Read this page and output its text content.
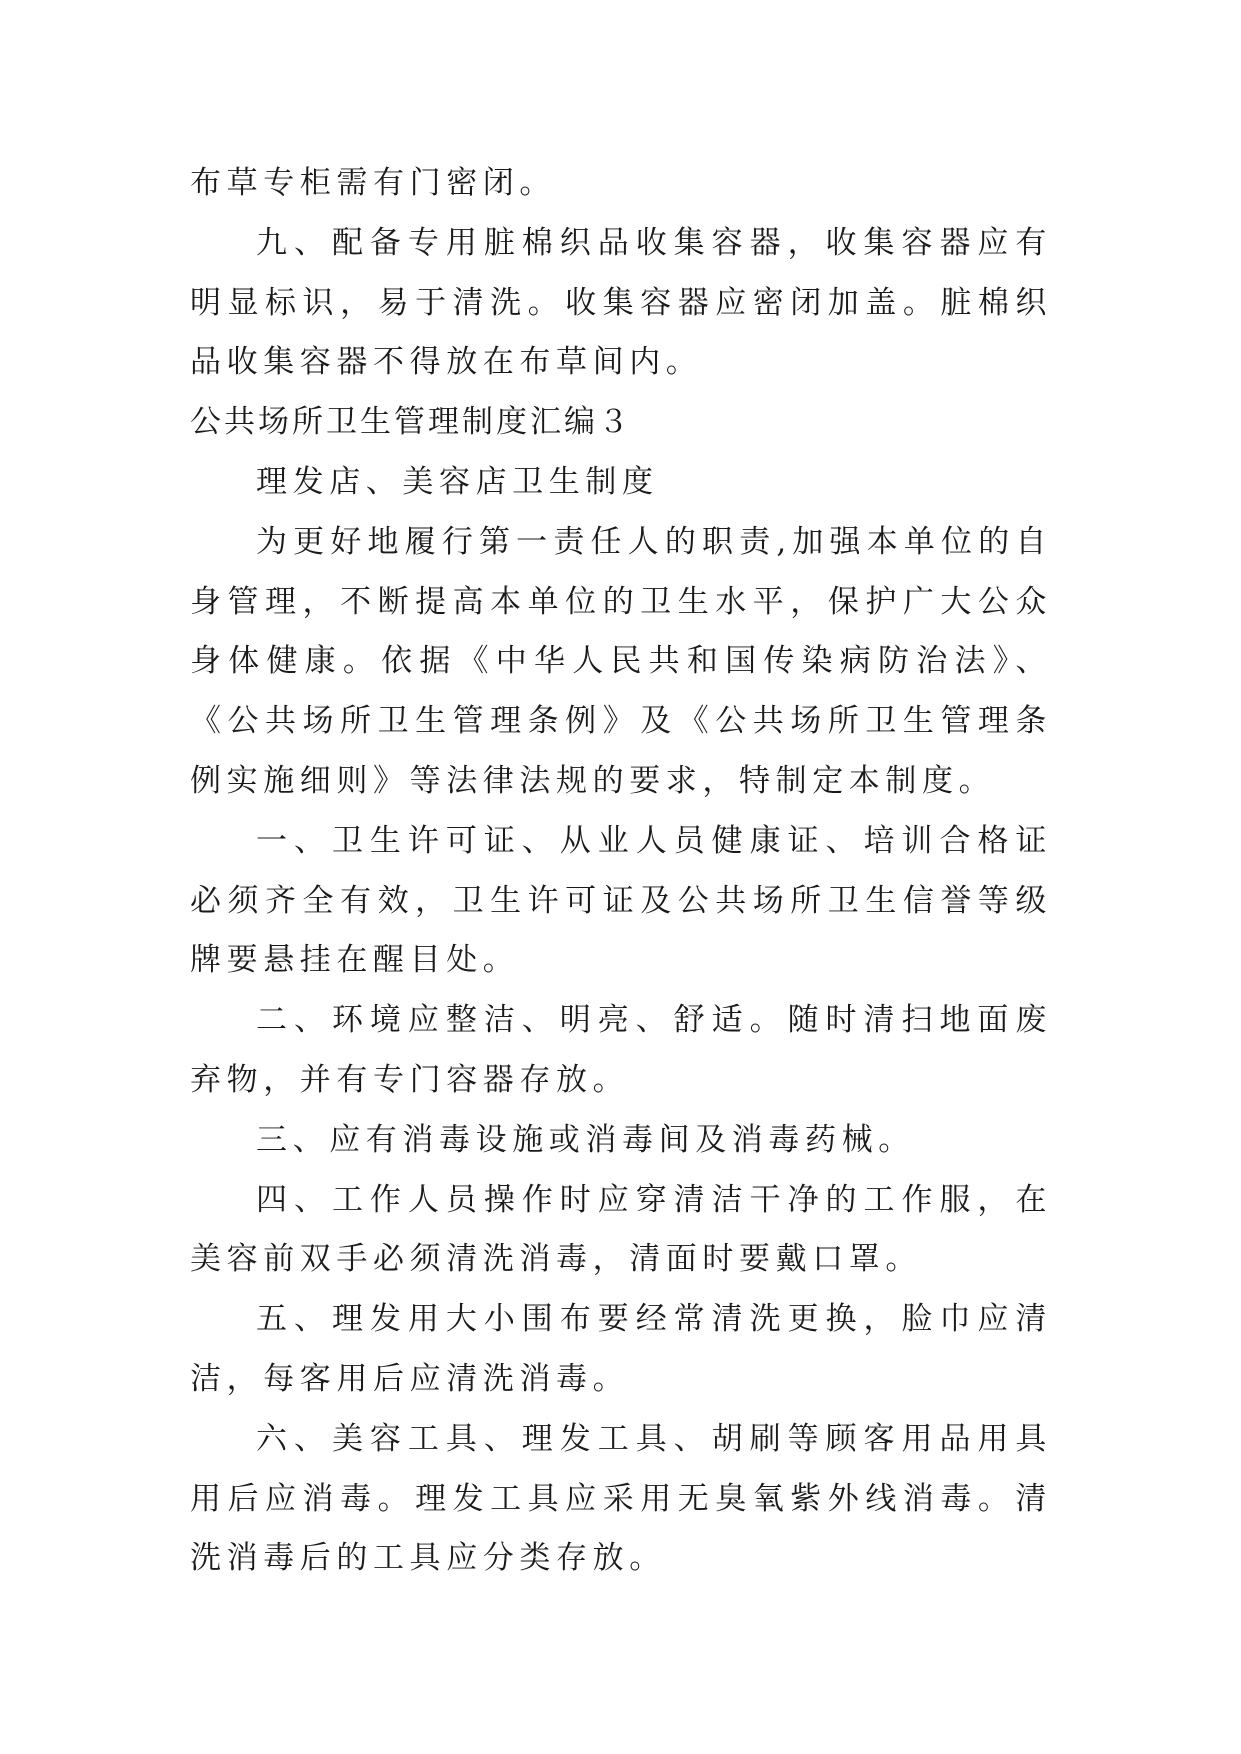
布草专柜需有门密闭。

九、配备专用脏棉织品收集容器，收集容器应有明显标识，易于清洗。收集容器应密闭加盖。脏棉织品收集容器不得放在布草间内。

公共场所卫生管理制度汇编３

理发店、美容店卫生制度

为更好地履行第一责任人的职责,加强本单位的自身管理，不断提高本单位的卫生水平，保护广大公众身体健康。依据《中华人民共和国传染病防治法》、《公共场所卫生管理条例》及《公共场所卫生管理条例实施细则》等法律法规的要求，特制定本制度。

一、卫生许可证、从业人员健康证、培训合格证必须齐全有效，卫生许可证及公共场所卫生信誉等级牌要悬挂在醒目处。

二、环境应整洁、明亮、舒适。随时清扫地面废弃物，并有专门容器存放。

三、应有消毒设施或消毒间及消毒药械。

四、工作人员操作时应穿清洁干净的工作服，在美容前双手必须清洗消毒，清面时要戴口罩。

五、理发用大小围布要经常清洗更换，脸巾应清洁，每客用后应清洗消毒。

六、美容工具、理发工具、胡刷等顾客用品用具用后应消毒。理发工具应采用无臭氧紫外线消毒。清洗消毒后的工具应分类存放。
